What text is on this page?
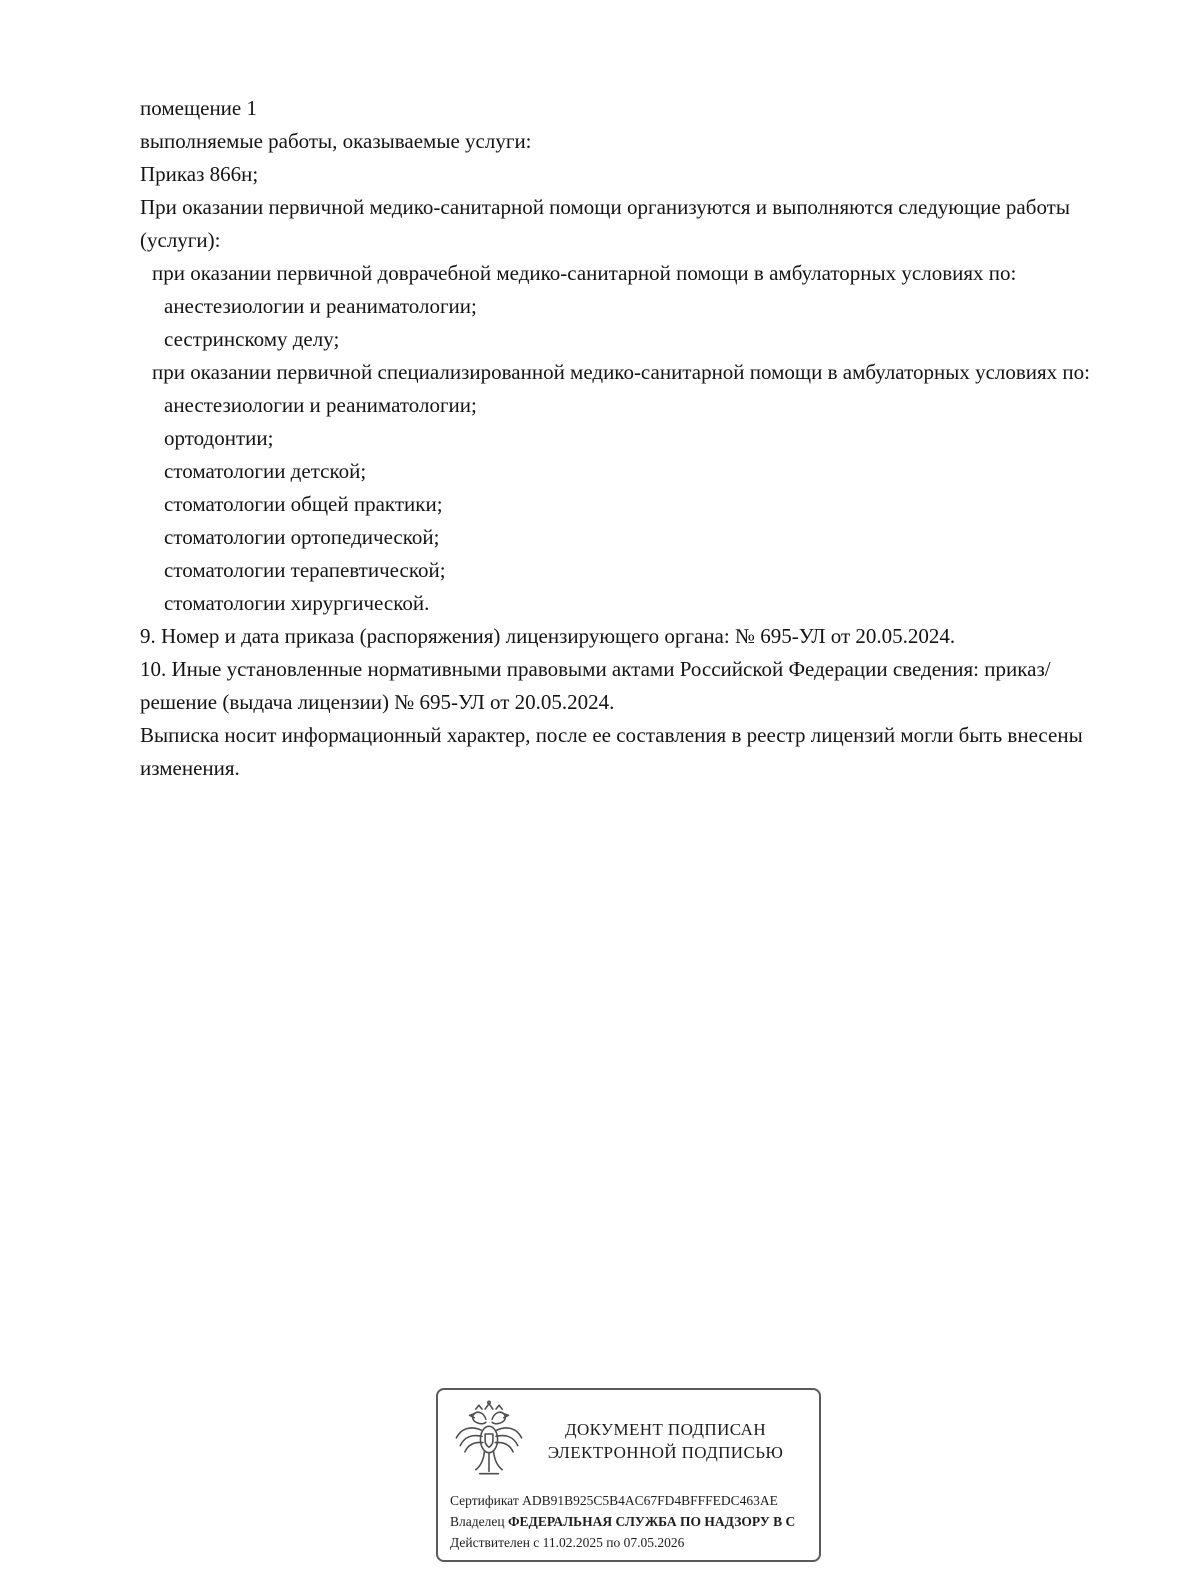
помещение 1

выполняемые работы, оказываемые услуги:

Приказ 866н;

При оказании первичной медико-санитарной помощи организуются и выполняются следующие работы (услуги):

при оказании первичной доврачебной медико-санитарной помощи в амбулаторных условиях по:

анестезиологии и реаниматологии;

сестринскому делу;

при оказании первичной специализированной медико-санитарной помощи в амбулаторных условиях по:

анестезиологии и реаниматологии;

ортодонтии;

стоматологии детской;

стоматологии общей практики;

стоматологии ортопедической;

стоматологии терапевтической;

стоматологии хирургической.

9. Номер и дата приказа (распоряжения) лицензирующего органа: № 695-УЛ от 20.05.2024.

10. Иные установленные нормативными правовыми актами Российской Федерации сведения: приказ/решение (выдача лицензии) № 695-УЛ от 20.05.2024.

Выписка носит информационный характер, после ее составления в реестр лицензий могли быть внесены изменения.

ДОКУМЕНТ ПОДПИСАН
ЭЛЕКТРОННОЙ ПОДПИСЬЮ
Сертификат ADB91B925C5B4AC67FD4BFFFEDC463AE
Владелец ФЕДЕРАЛЬНАЯ СЛУЖБА ПО НАДЗОРУ В С
Действителен с 11.02.2025 по 07.05.2026
